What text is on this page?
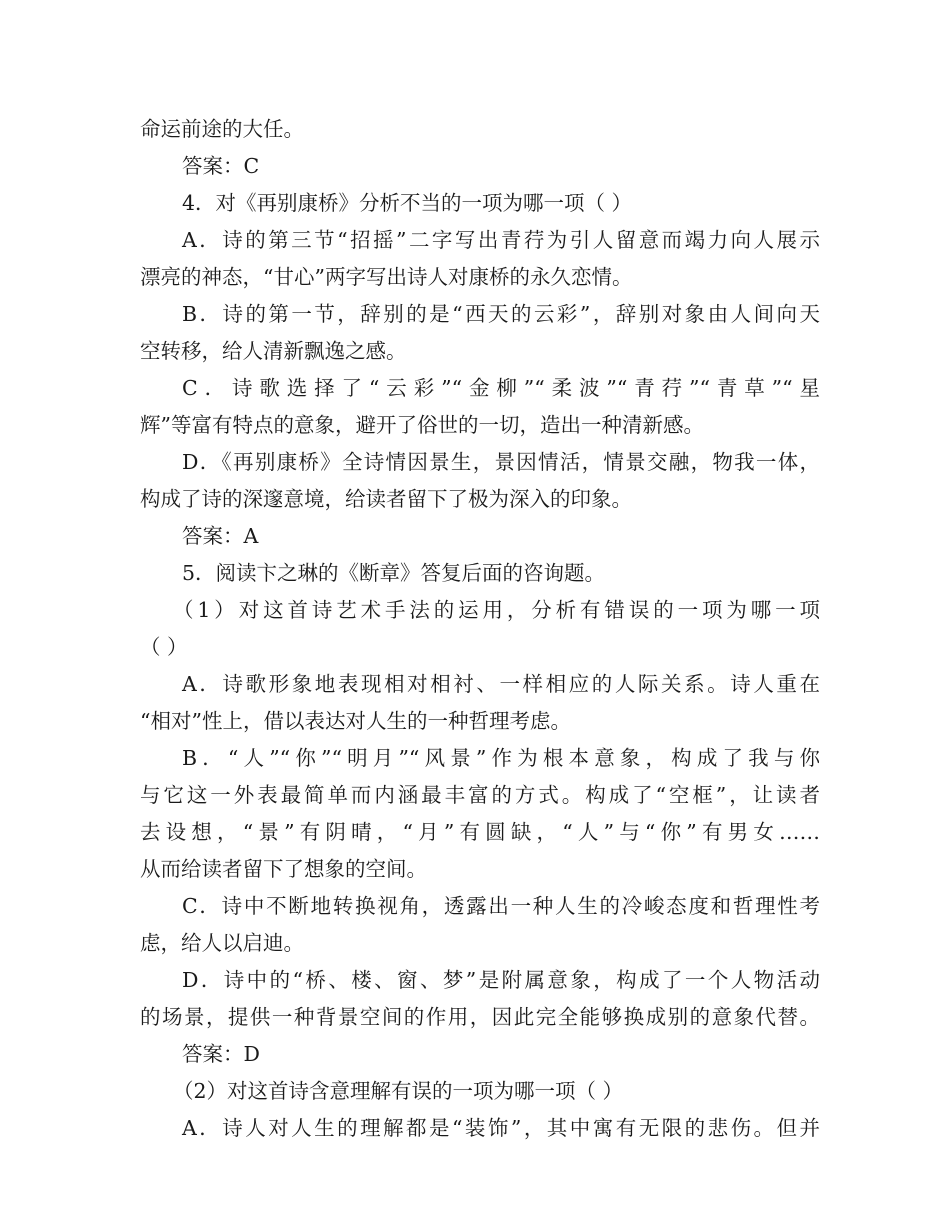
命运前途的大任。
答案：C
4．对《再别康桥》分析不当的一项为哪一项（ ）
A．诗的第三节“招摇”二字写出青荇为引人留意而竭力向人展示
漂亮的神态，“甘心”两字写出诗人对康桥的永久恋情。
B．诗的第一节，辞别的是“西天的云彩”，辞别对象由人间向天
空转移，给人清新飘逸之感。
C．诗歌选择了“云彩”“金柳”“柔波”“青荇”“青草”“星
辉”等富有特点的意象，避开了俗世的一切，造出一种清新感。
D．《再别康桥》全诗情因景生，景因情活，情景交融，物我一体，
构成了诗的深邃意境，给读者留下了极为深入的印象。
答案：A
5．阅读卞之琳的《断章》答复后面的咨询题。
（1）对这首诗艺术手法的运用，分析有错误的一项为哪一项
（ ）
A．诗歌形象地表现相对相衬、一样相应的人际关系。诗人重在
“相对”性上，借以表达对人生的一种哲理考虑。
B．“人”“你”“明月”“风景”作为根本意象，构成了我与你
与它这一外表最简单而内涵最丰富的方式。构成了“空框”，让读者
去设想，“景”有阴晴，“月”有圆缺，“人”与“你”有男女……
从而给读者留下了想象的空间。
C．诗中不断地转换视角，透露出一种人生的冷峻态度和哲理性考
虑，给人以启迪。
D．诗中的“桥、楼、窗、梦”是附属意象，构成了一个人物活动
的场景，提供一种背景空间的作用，因此完全能够换成别的意象代替。
答案：D
（2）对这首诗含意理解有误的一项为哪一项（ ）
A．诗人对人生的理解都是“装饰”，其中寓有无限的悲伤。但并
